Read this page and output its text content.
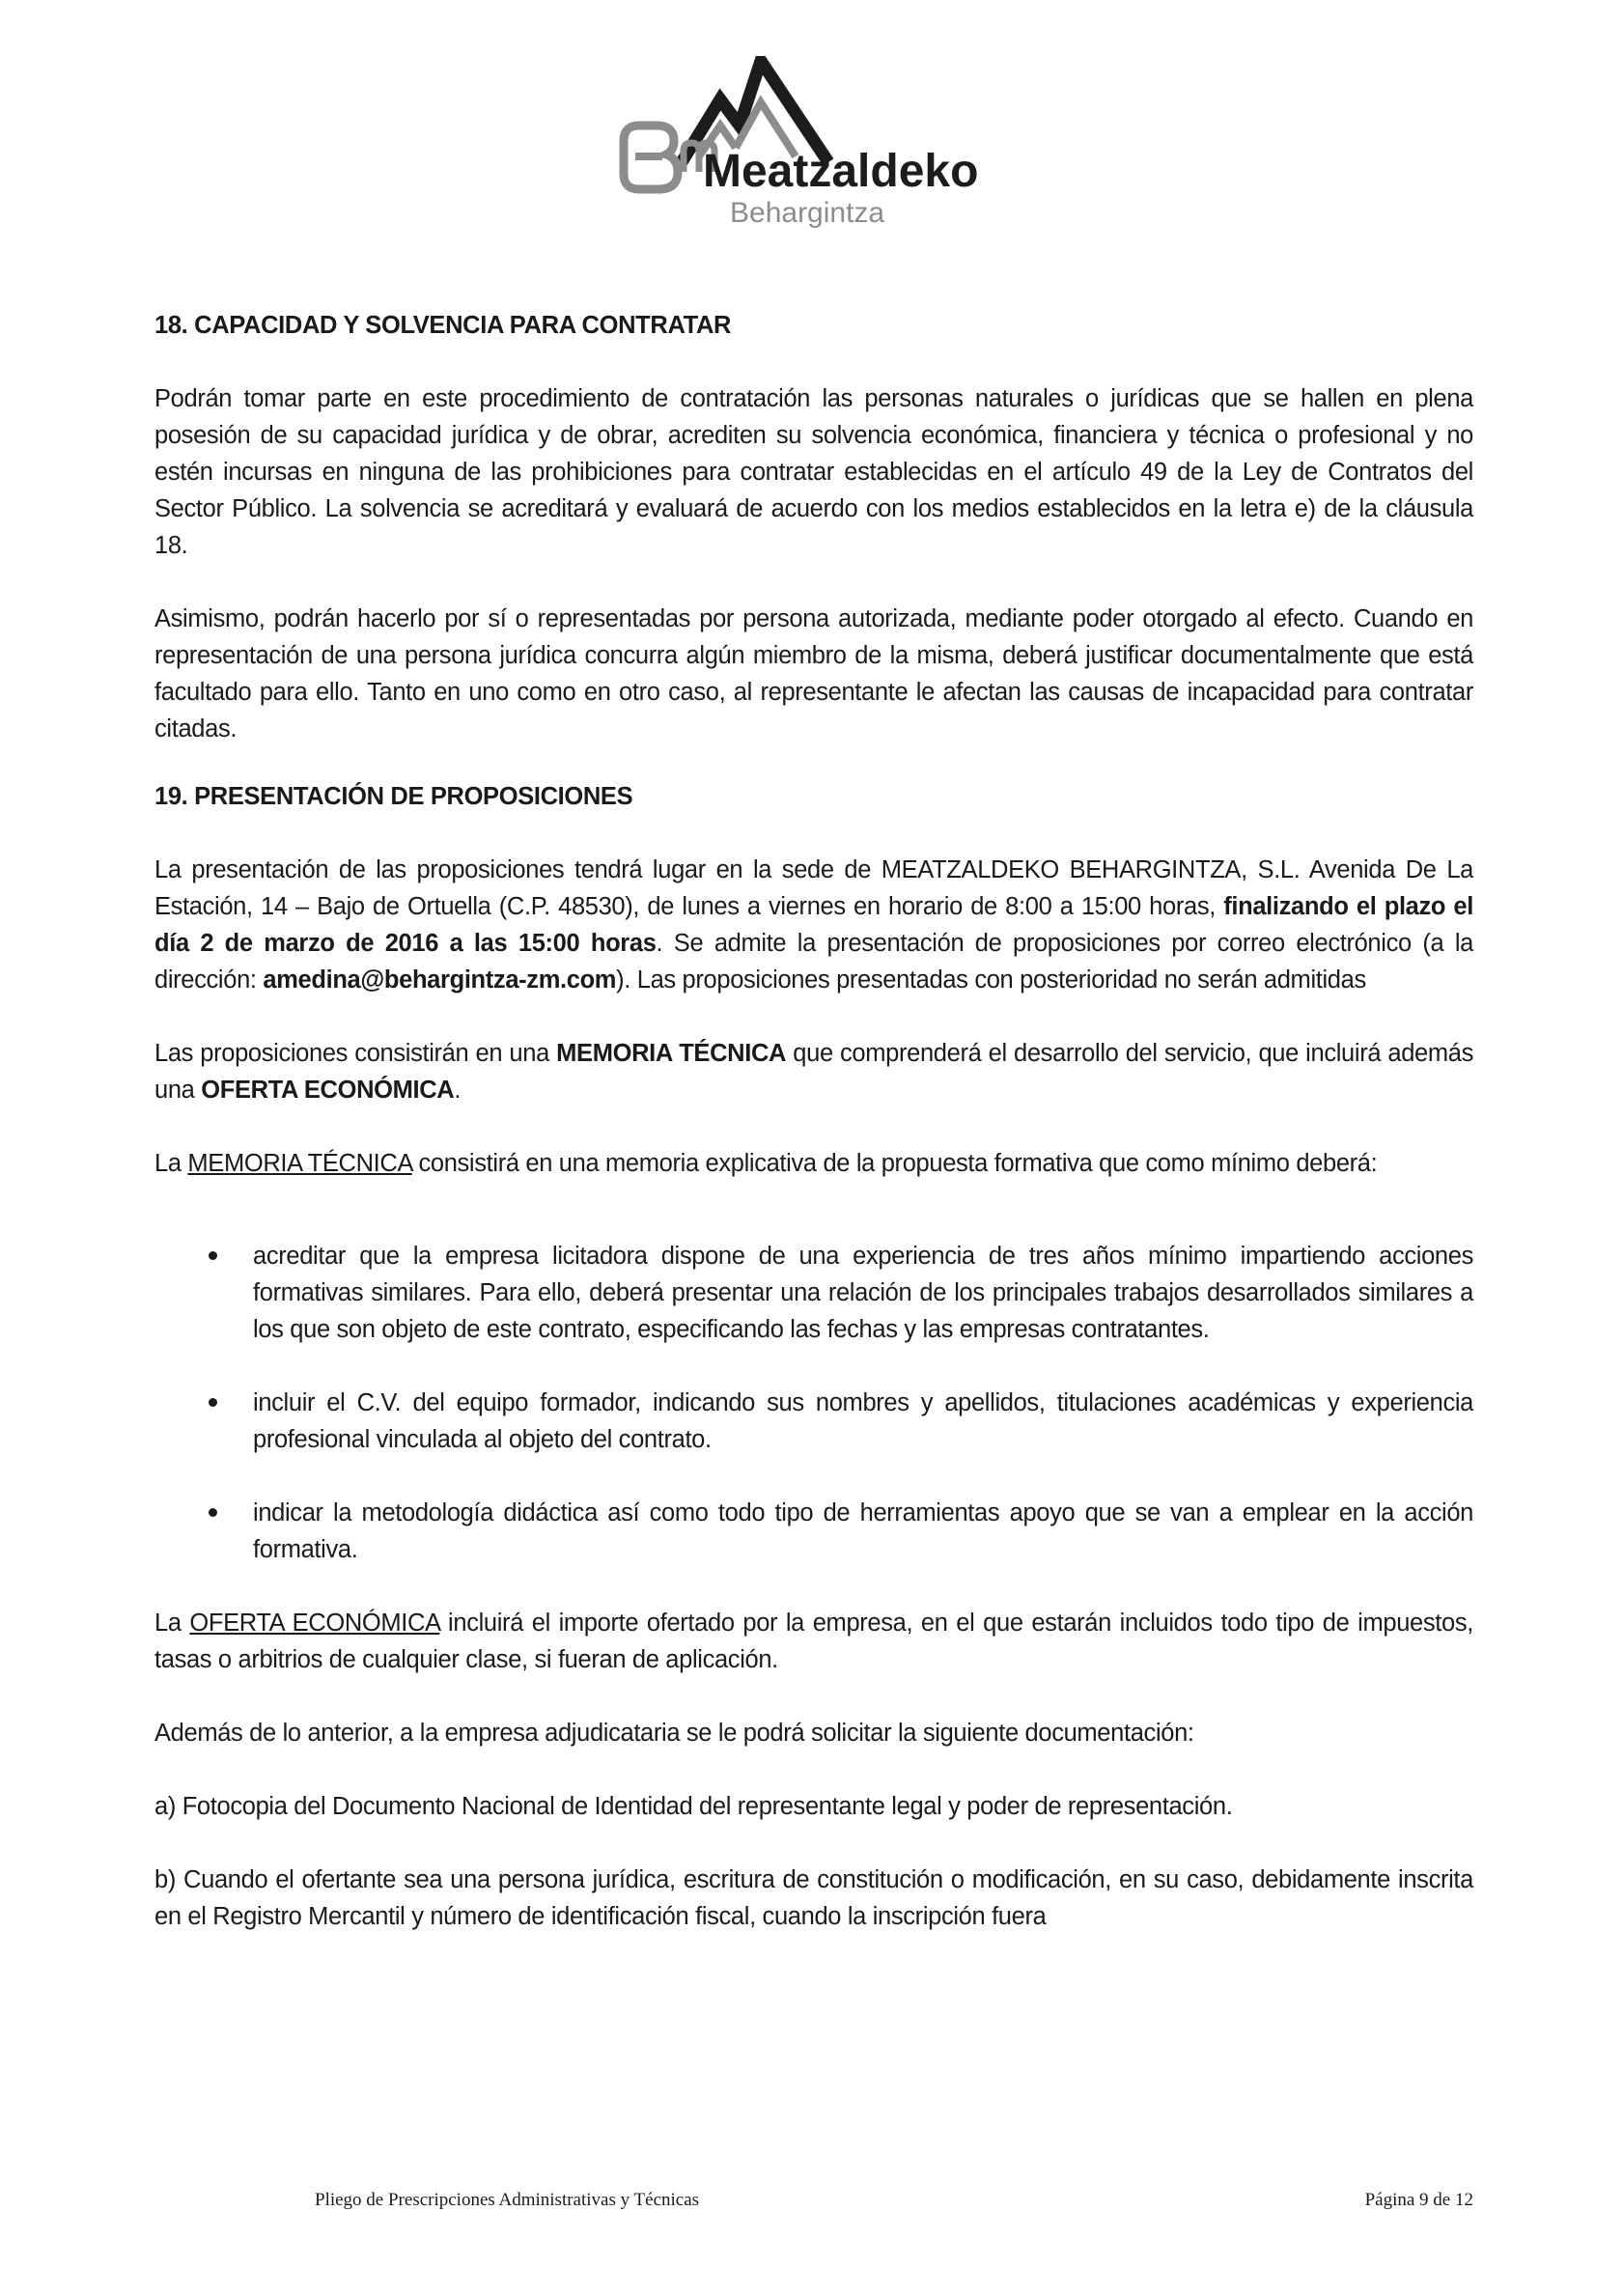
Meatzaldeko
Behargintza
18. CAPACIDAD Y SOLVENCIA PARA CONTRATAR

Podrán tomar parte en este procedimiento de contratación las personas naturales o jurídicas que se hallen en plena posesión de su capacidad jurídica y de obrar, acrediten su solvencia económica, financiera y técnica o profesional y no estén incursas en ninguna de las prohibiciones para contratar establecidas en el artículo 49 de la Ley de Contratos del Sector Público. La solvencia se acreditará y evaluará de acuerdo con los medios establecidos en la letra e) de la cláusula 18.

Asimismo, podrán hacerlo por sí o representadas por persona autorizada, mediante poder otorgado al efecto. Cuando en representación de una persona jurídica concurra algún miembro de la misma, deberá justificar documentalmente que está facultado para ello. Tanto en uno como en otro caso, al representante le afectan las causas de incapacidad para contratar citadas.

19. PRESENTACIÓN DE PROPOSICIONES

La presentación de las proposiciones tendrá lugar en la sede de MEATZALDEKO BEHARGINTZA, S.L. Avenida De La Estación, 14 – Bajo de Ortuella (C.P. 48530), de lunes a viernes en horario de 8:00 a 15:00 horas, finalizando el plazo el día 2 de marzo de 2016 a las 15:00 horas. Se admite la presentación de proposiciones por correo electrónico (a la dirección: amedina@behargintza-zm.com). Las proposiciones presentadas con posterioridad no serán admitidas

Las proposiciones consistirán en una MEMORIA TÉCNICA que comprenderá el desarrollo del servicio, que incluirá además una OFERTA ECONÓMICA.

La MEMORIA TÉCNICA consistirá en una memoria explicativa de la propuesta formativa que como mínimo deberá:

acreditar que la empresa licitadora dispone de una experiencia de tres años mínimo impartiendo acciones formativas similares. Para ello, deberá presentar una relación de los principales trabajos desarrollados similares a los que son objeto de este contrato, especificando las fechas y las empresas contratantes.
incluir el C.V. del equipo formador, indicando sus nombres y apellidos, titulaciones académicas y experiencia profesional vinculada al objeto del contrato.
indicar la metodología didáctica así como todo tipo de herramientas apoyo que se van a emplear en la acción formativa.

La OFERTA ECONÓMICA incluirá el importe ofertado por la empresa, en el que estarán incluidos todo tipo de impuestos, tasas o arbitrios de cualquier clase, si fueran de aplicación.

Además de lo anterior, a la empresa adjudicataria se le podrá solicitar la siguiente documentación:

a) Fotocopia del Documento Nacional de Identidad del representante legal y poder de representación.

b) Cuando el ofertante sea una persona jurídica, escritura de constitución o modificación, en su caso, debidamente inscrita en el Registro Mercantil y número de identificación fiscal, cuando la inscripción fuera

Pliego de Prescripciones Administrativas y Técnicas	Página 9 de 12
